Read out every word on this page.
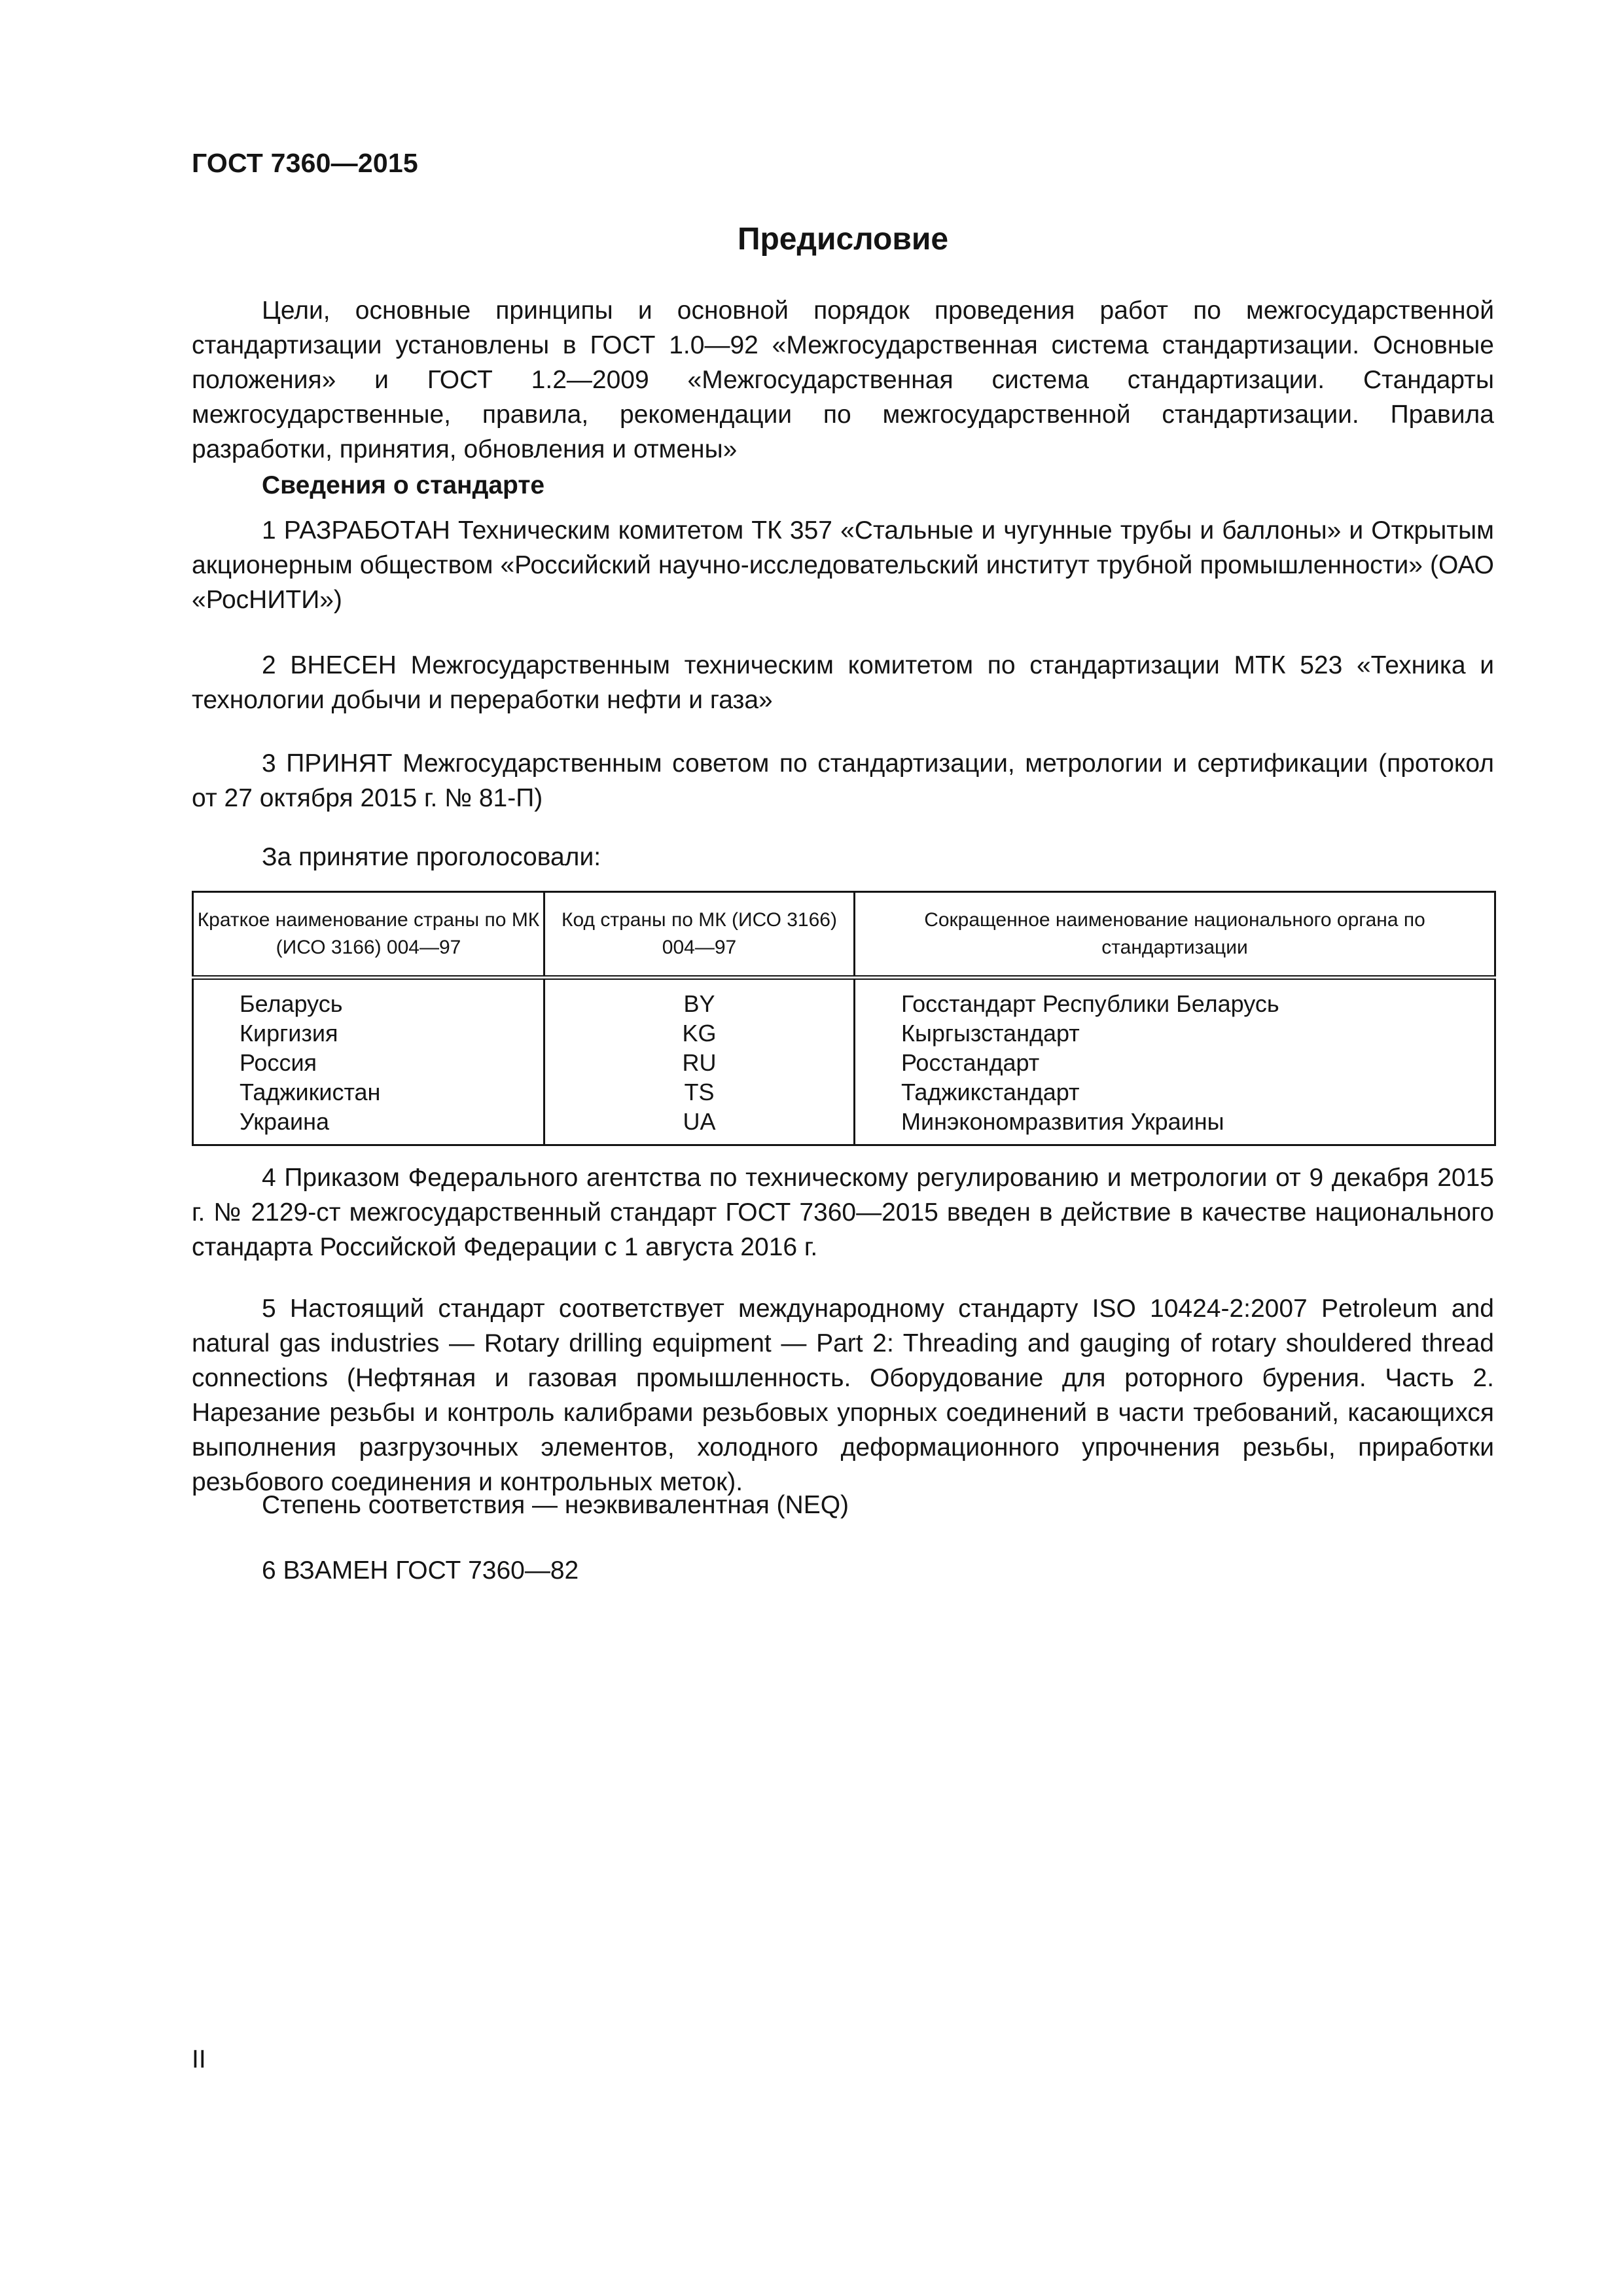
ГОСТ 7360—2015
Предисловие
Цели, основные принципы и основной порядок проведения работ по межгосударственной стандартизации установлены в ГОСТ 1.0—92 «Межгосударственная система стандартизации. Основные положения» и ГОСТ 1.2—2009 «Межгосударственная система стандартизации. Стандарты межгосударственные, правила, рекомендации по межгосударственной стандартизации. Правила разработки, принятия, обновления и отмены»
Сведения о стандарте
1 РАЗРАБОТАН Техническим комитетом ТК 357 «Стальные и чугунные трубы и баллоны» и Открытым акционерным обществом «Российский научно-исследовательский институт трубной промышленности» (ОАО «РосНИТИ»)
2 ВНЕСЕН Межгосударственным техническим комитетом по стандартизации МТК 523 «Техника и технологии добычи и переработки нефти и газа»
3 ПРИНЯТ Межгосударственным советом по стандартизации, метрологии и сертификации (протокол от 27 октября 2015 г. № 81-П)
За принятие проголосовали:
Краткое наименование страны по МК (ИСО 3166) 004—97	Код страны по МК (ИСО 3166) 004—97	Сокращенное наименование национального органа по стандартизации
Беларусь	BY	Госстандарт Республики Беларусь
Киргизия	KG	Кыргызстандарт
Россия	RU	Росстандарт
Таджикистан	TS	Таджикстандарт
Украина	UA	Минэкономразвития Украины
4 Приказом Федерального агентства по техническому регулированию и метрологии от 9 декабря 2015 г. № 2129-ст межгосударственный стандарт ГОСТ 7360—2015 введен в действие в качестве национального стандарта Российской Федерации с 1 августа 2016 г.
5 Настоящий стандарт соответствует международному стандарту ISO 10424-2:2007 Petroleum and natural gas industries — Rotary drilling equipment — Part 2: Threading and gauging of rotary shouldered thread connections (Нефтяная и газовая промышленность. Оборудование для роторного бурения. Часть 2. Нарезание резьбы и контроль калибрами резьбовых упорных соединений в части требований, касающихся выполнения разгрузочных элементов, холодного деформационного упрочнения резьбы, приработки резьбового соединения и контрольных меток).
Степень соответствия — неэквивалентная (NEQ)
6 ВЗАМЕН ГОСТ 7360—82
II
